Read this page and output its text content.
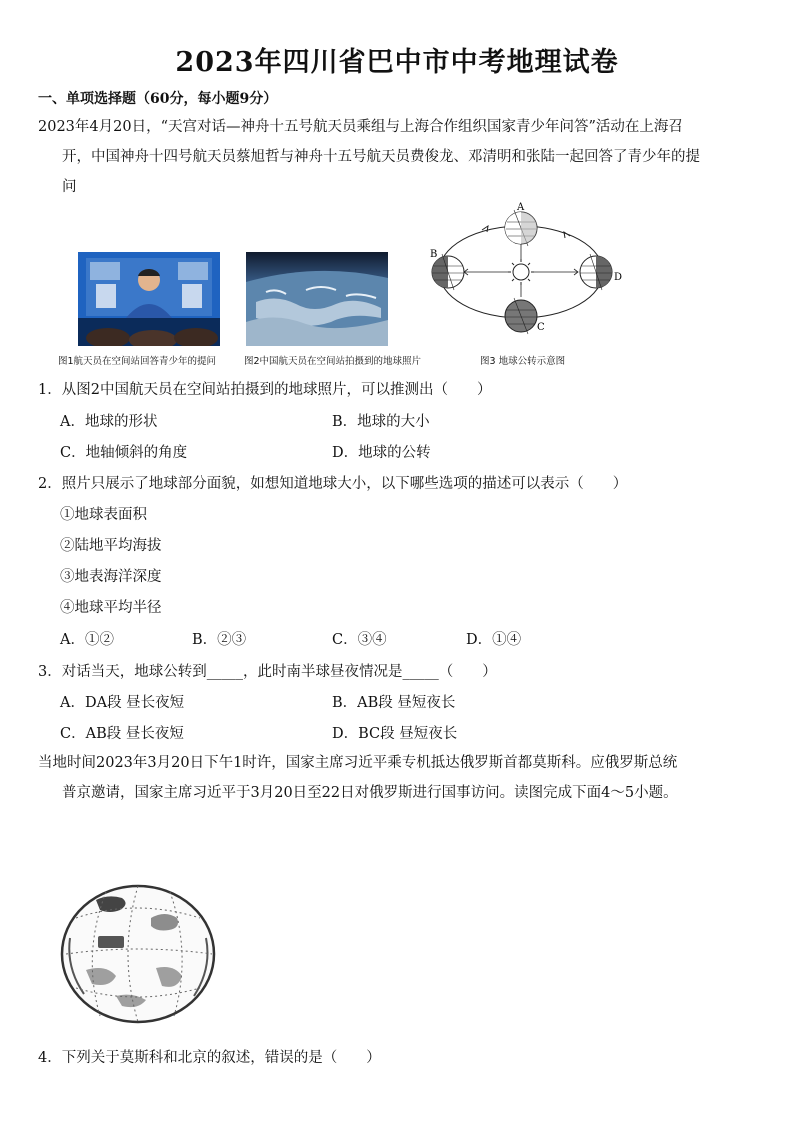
2023年四川省巴中市中考地理试卷
一、单项选择题（60分，每小题9分）
2023年4月20日，“天宫对话—神舟十五号航天员乘组与上海合作组织国家青少年问答”活动在上海召
开，中国神舟十四号航天员蔡旭哲与神舟十五号航天员费俊龙、邓清明和张陆一起回答了青少年的提
问
A
B
C
D
图1航天员在空间站回答青少年的提问	图2中国航天员在空间站拍摄到的地球照片	图3 地球公转示意图
1．从图2中国航天员在空间站拍摄到的地球照片，可以推测出（　　）
A．地球的形状	B．地球的大小
C．地轴倾斜的角度	D．地球的公转
2．照片只展示了地球部分面貌，如想知道地球大小，以下哪些选项的描述可以表示（　　）
①地球表面积
②陆地平均海拔
③地表海洋深度
④地球平均半径
A．①②	B．②③	C．③④	D．①④
3．对话当天，地球公转到_____，此时南半球昼夜情况是_____（　　）
A．DA段 昼长夜短	B．AB段 昼短夜长
C．AB段 昼长夜短	D．BC段 昼短夜长
当地时间2023年3月20日下午1时许，国家主席习近平乘专机抵达俄罗斯首都莫斯科。应俄罗斯总统
普京邀请，国家主席习近平于3月20日至22日对俄罗斯进行国事访问。读图完成下面4～5小题。
4．下列关于莫斯科和北京的叙述，错误的是（　　）
